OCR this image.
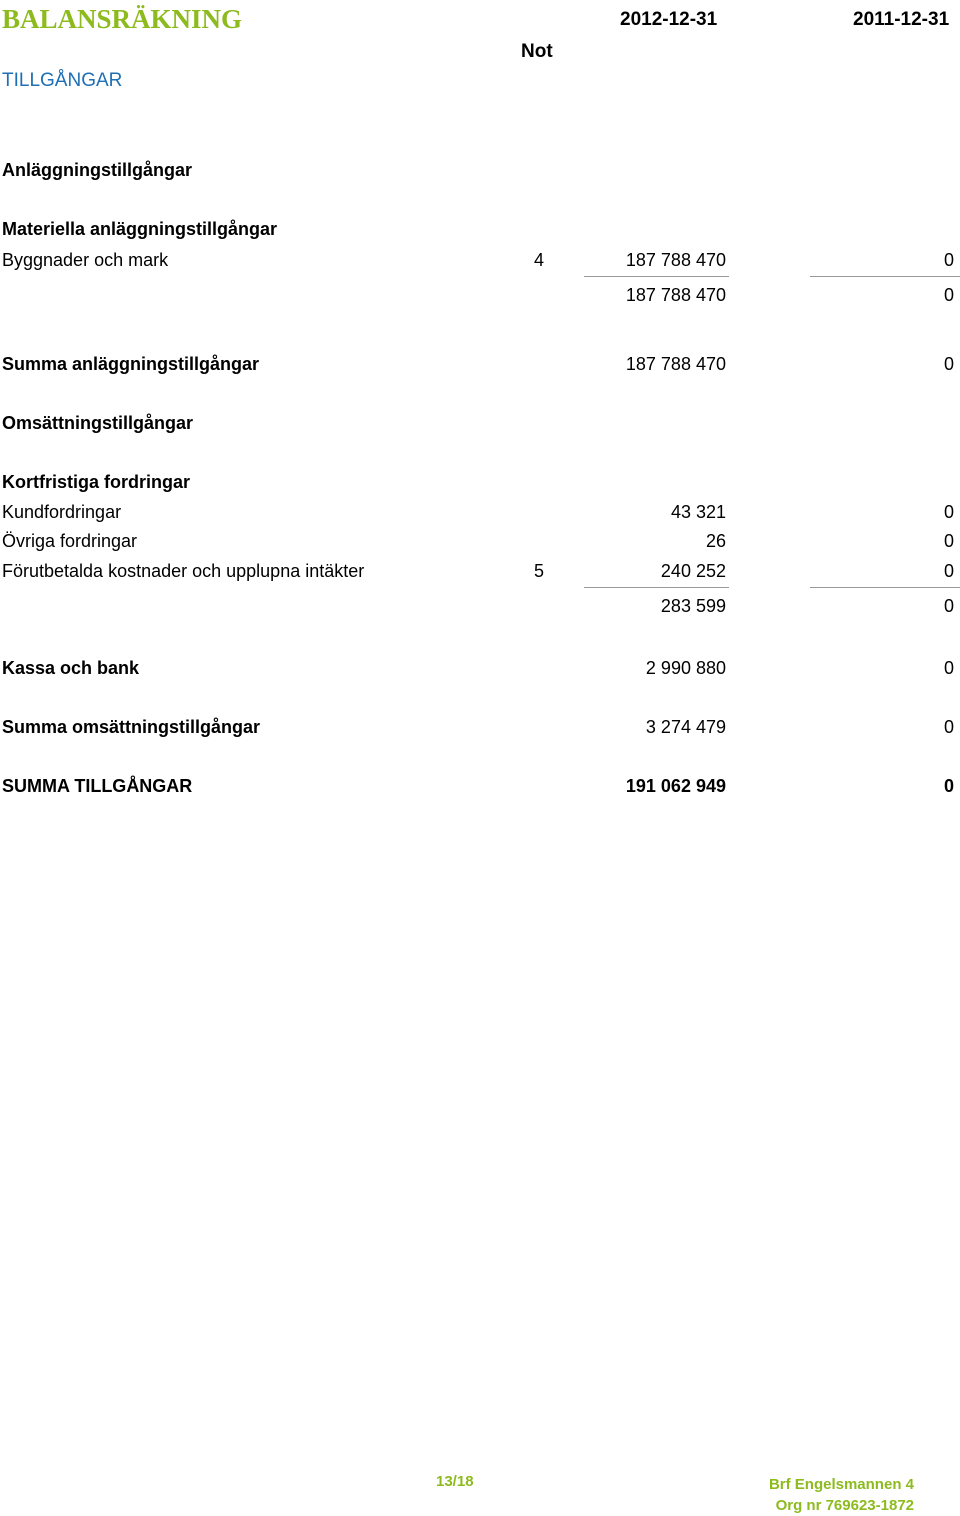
BALANSRÄKNING	2012-12-31	2011-12-31
Not
TILLGÅNGAR
Anläggningstillgångar
Materiella anläggningstillgångar
Byggnader och mark	4	187 788 470	0
187 788 470	0
Summa anläggningstillgångar	187 788 470	0
Omsättningstillgångar
Kortfristiga fordringar
Kundfordringar	43 321	0
Övriga fordringar	26	0
Förutbetalda kostnader och upplupna intäkter	5	240 252	0
283 599	0
Kassa och bank	2 990 880	0
Summa omsättningstillgångar	3 274 479	0
SUMMA TILLGÅNGAR	191 062 949	0
13/18	Brf Engelsmannen 4
Org nr 769623-1872
